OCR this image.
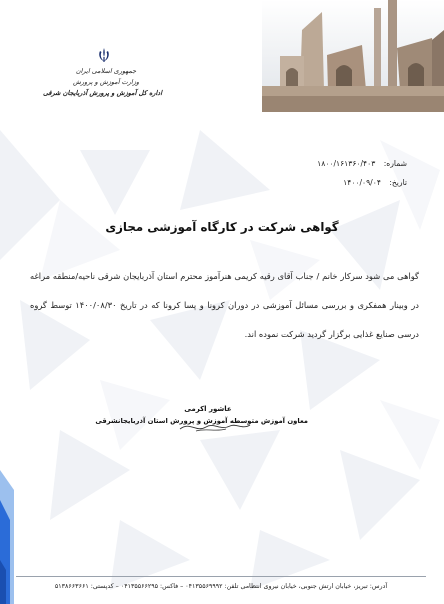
جمهوری اسلامی ایران
وزارت آموزش و پرورش
اداره کل آموزش و پرورش آذربایجان شرقی
شماره: ۱۸۰۰/۱۶۱۳۶۰/۴۰۳
تاریخ: ۱۴۰۰/۰۹/۰۴
گواهی شرکت در کارگاه آموزشی مجازی
گواهی می شود سرکار خانم / جناب آقای رقیه کریمی هنرآموز محترم استان آذربایجان شرقی ناحیه/منطقه مراغه در وبینار همفکری و بررسی مسائل آموزشی در دوران کرونا و پسا کرونا که در تاریخ ۱۴۰۰/۰۸/۳۰ توسط گروه درسی صنایع غذایی برگزار گردید شرکت نموده اند.
عاشور اکرمی
معاون آموزش متوسطه آموزش و پرورش استان آذربایجانشرقی
آدرس: تبریز، خیابان ارتش جنوبی، خیابان نیروی انتظامی تلفن: ۰۴۱۳۵۵۶۹۹۹۲ – فاکس: ۰۴۱۳۵۵۶۶۲۹۵ – کدپستی: ۵۱۳۸۶۶۳۶۶۱
